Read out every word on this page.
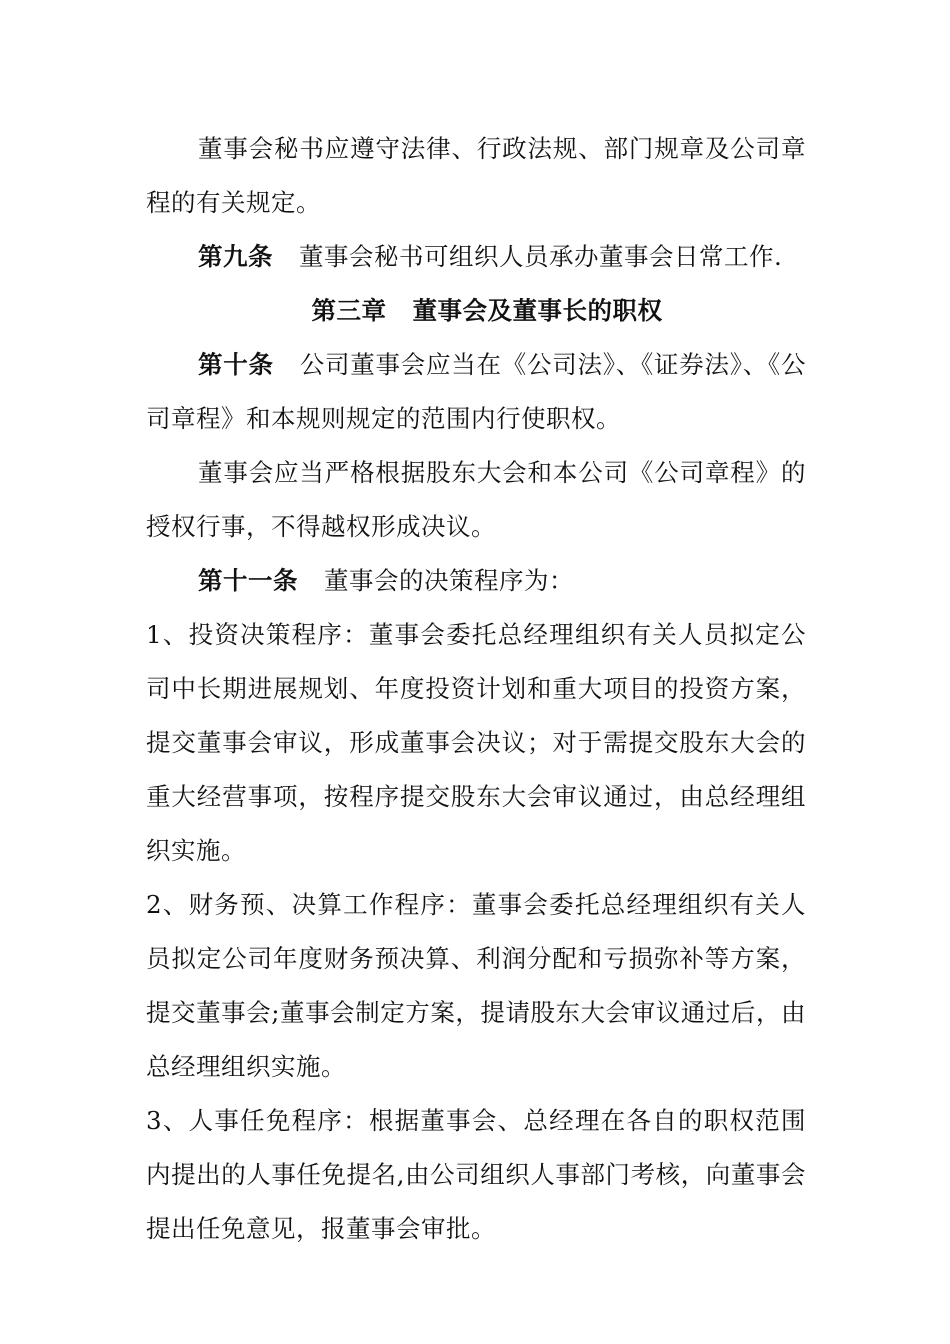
董事会秘书应遵守法律、行政法规、部门规章及公司章程的有关规定。

第九条 董事会秘书可组织人员承办董事会日常工作.

第三章 董事会及董事长的职权

第十条 公司董事会应当在《公司法》、《证券法》、《公司章程》和本规则规定的范围内行使职权。

董事会应当严格根据股东大会和本公司《公司章程》的授权行事，不得越权形成决议。

第十一条 董事会的决策程序为：

1、投资决策程序：董事会委托总经理组织有关人员拟定公司中长期进展规划、年度投资计划和重大项目的投资方案，提交董事会审议，形成董事会决议；对于需提交股东大会的重大经营事项，按程序提交股东大会审议通过，由总经理组织实施。

2、财务预、决算工作程序：董事会委托总经理组织有关人员拟定公司年度财务预决算、利润分配和亏损弥补等方案，提交董事会;董事会制定方案，提请股东大会审议通过后，由总经理组织实施。

3、人事任免程序：根据董事会、总经理在各自的职权范围内提出的人事任免提名,由公司组织人事部门考核，向董事会提出任免意见，报董事会审批。
